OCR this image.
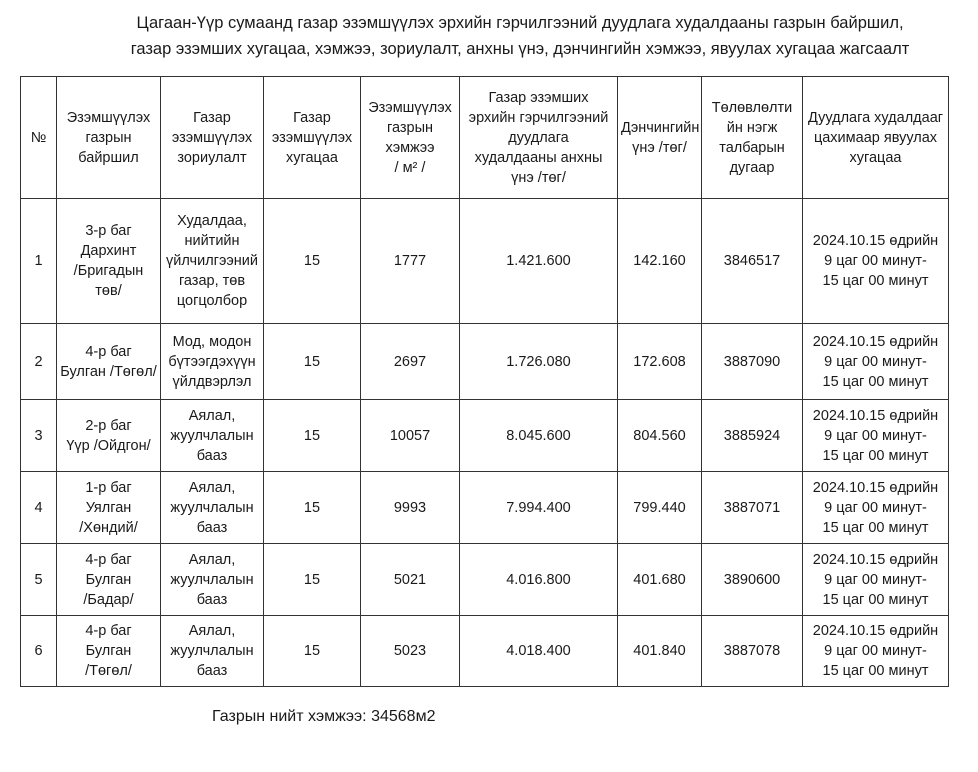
Цагаан-Үүр сумаанд газар эзэмшүүлэх эрхийн гэрчилгээний дуудлага худалдааны газрын байршил,
газар эзэмших хугацаа, хэмжээ, зориулалт, анхны үнэ, дэнчингийн хэмжээ, явуулах хугацаа жагсаалт
№	Эзэмшүүлэх
газрын
байршил	Газар
эзэмшүүлэх
зориулалт	Газар
эзэмшүүлэх
хугацаа	Эзэмшүүлэх
газрын
хэмжээ
/ м² /	Газар эзэмших
эрхийн гэрчилгээний
дуудлага
худалдааны анхны
үнэ /төг/	Дэнчингийн
үнэ /төг/	Төлөвлөлти
йн нэгж
талбарын
дугаар	Дуудлага худалдааг
цахимаар явуулах
хугацаа
1	3-р баг
Дархинт
/Бригадын
төв/	Худалдаа,
нийтийн
үйлчилгээний
газар, төв
цогцолбор	15	1777	1.421.600	142.160	3846517	2024.10.15 өдрийн
9 цаг 00 минут-
15 цаг 00 минут
2	4-р баг
Булган /Төгөл/	Мод, модон
бүтээгдэхүүн
үйлдвэрлэл	15	2697	1.726.080	172.608	3887090	2024.10.15 өдрийн
9 цаг 00 минут-
15 цаг 00 минут
3	2-р баг
Үүр /Ойдгон/	Аялал,
жуулчлалын
бааз	15	10057	8.045.600	804.560	3885924	2024.10.15 өдрийн
9 цаг 00 минут-
15 цаг 00 минут
4	1-р баг
Уялган
/Хөндий/	Аялал,
жуулчлалын
бааз	15	9993	7.994.400	799.440	3887071	2024.10.15 өдрийн
9 цаг 00 минут-
15 цаг 00 минут
5	4-р баг
Булган
/Бадар/	Аялал,
жуулчлалын
бааз	15	5021	4.016.800	401.680	3890600	2024.10.15 өдрийн
9 цаг 00 минут-
15 цаг 00 минут
6	4-р баг
Булган
/Төгөл/	Аялал,
жуулчлалын
бааз	15	5023	4.018.400	401.840	3887078	2024.10.15 өдрийн
9 цаг 00 минут-
15 цаг 00 минут
Газрын нийт хэмжээ: 34568м2
